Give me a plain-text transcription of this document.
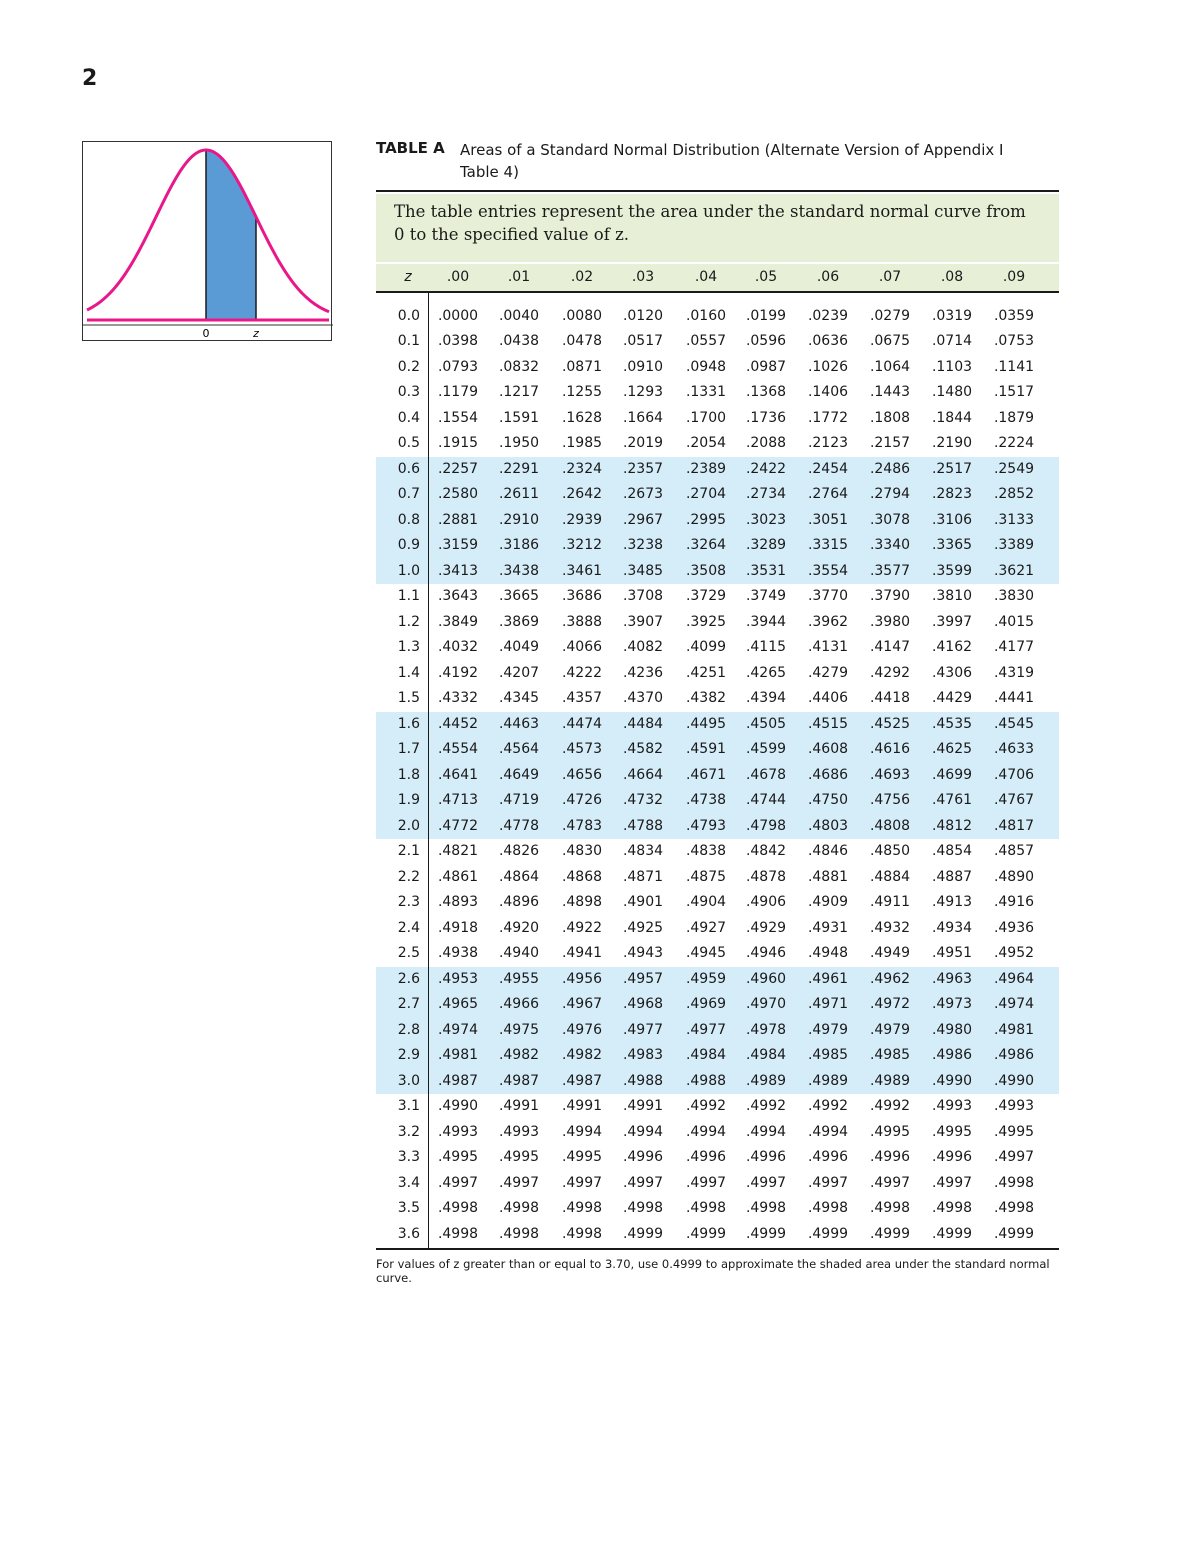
2
0	z
TABLE A Areas of a Standard Normal Distribution (Alternate Version of Appendix I Table 4)
The table entries represent the area under the standard normal curve from 0 to the specified value of z.
z	.00	.01	.02	.03	.04	.05	.06	.07	.08	.09
0.0	.0000	.0040	.0080	.0120	.0160	.0199	.0239	.0279	.0319	.0359
0.1	.0398	.0438	.0478	.0517	.0557	.0596	.0636	.0675	.0714	.0753
0.2	.0793	.0832	.0871	.0910	.0948	.0987	.1026	.1064	.1103	.1141
0.3	.1179	.1217	.1255	.1293	.1331	.1368	.1406	.1443	.1480	.1517
0.4	.1554	.1591	.1628	.1664	.1700	.1736	.1772	.1808	.1844	.1879
0.5	.1915	.1950	.1985	.2019	.2054	.2088	.2123	.2157	.2190	.2224
0.6	.2257	.2291	.2324	.2357	.2389	.2422	.2454	.2486	.2517	.2549
0.7	.2580	.2611	.2642	.2673	.2704	.2734	.2764	.2794	.2823	.2852
0.8	.2881	.2910	.2939	.2967	.2995	.3023	.3051	.3078	.3106	.3133
0.9	.3159	.3186	.3212	.3238	.3264	.3289	.3315	.3340	.3365	.3389
1.0	.3413	.3438	.3461	.3485	.3508	.3531	.3554	.3577	.3599	.3621
1.1	.3643	.3665	.3686	.3708	.3729	.3749	.3770	.3790	.3810	.3830
1.2	.3849	.3869	.3888	.3907	.3925	.3944	.3962	.3980	.3997	.4015
1.3	.4032	.4049	.4066	.4082	.4099	.4115	.4131	.4147	.4162	.4177
1.4	.4192	.4207	.4222	.4236	.4251	.4265	.4279	.4292	.4306	.4319
1.5	.4332	.4345	.4357	.4370	.4382	.4394	.4406	.4418	.4429	.4441
1.6	.4452	.4463	.4474	.4484	.4495	.4505	.4515	.4525	.4535	.4545
1.7	.4554	.4564	.4573	.4582	.4591	.4599	.4608	.4616	.4625	.4633
1.8	.4641	.4649	.4656	.4664	.4671	.4678	.4686	.4693	.4699	.4706
1.9	.4713	.4719	.4726	.4732	.4738	.4744	.4750	.4756	.4761	.4767
2.0	.4772	.4778	.4783	.4788	.4793	.4798	.4803	.4808	.4812	.4817
2.1	.4821	.4826	.4830	.4834	.4838	.4842	.4846	.4850	.4854	.4857
2.2	.4861	.4864	.4868	.4871	.4875	.4878	.4881	.4884	.4887	.4890
2.3	.4893	.4896	.4898	.4901	.4904	.4906	.4909	.4911	.4913	.4916
2.4	.4918	.4920	.4922	.4925	.4927	.4929	.4931	.4932	.4934	.4936
2.5	.4938	.4940	.4941	.4943	.4945	.4946	.4948	.4949	.4951	.4952
2.6	.4953	.4955	.4956	.4957	.4959	.4960	.4961	.4962	.4963	.4964
2.7	.4965	.4966	.4967	.4968	.4969	.4970	.4971	.4972	.4973	.4974
2.8	.4974	.4975	.4976	.4977	.4977	.4978	.4979	.4979	.4980	.4981
2.9	.4981	.4982	.4982	.4983	.4984	.4984	.4985	.4985	.4986	.4986
3.0	.4987	.4987	.4987	.4988	.4988	.4989	.4989	.4989	.4990	.4990
3.1	.4990	.4991	.4991	.4991	.4992	.4992	.4992	.4992	.4993	.4993
3.2	.4993	.4993	.4994	.4994	.4994	.4994	.4994	.4995	.4995	.4995
3.3	.4995	.4995	.4995	.4996	.4996	.4996	.4996	.4996	.4996	.4997
3.4	.4997	.4997	.4997	.4997	.4997	.4997	.4997	.4997	.4997	.4998
3.5	.4998	.4998	.4998	.4998	.4998	.4998	.4998	.4998	.4998	.4998
3.6	.4998	.4998	.4998	.4999	.4999	.4999	.4999	.4999	.4999	.4999
For values of z greater than or equal to 3.70, use 0.4999 to approximate the shaded area under the standard normal curve.
